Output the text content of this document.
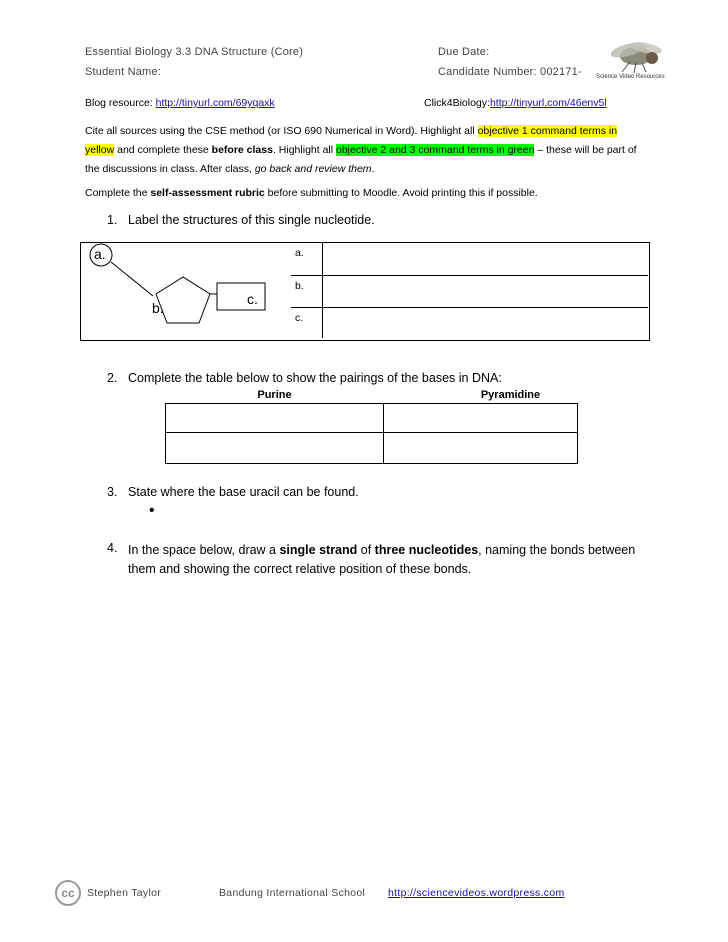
Essential Biology 3.3 DNA Structure (Core)
Student Name:
Due Date:
Candidate Number: 002171- Science Video Resources
Blog resource: http://tinyurl.com/69yqaxk	Click4Biology:http://tinyurl.com/46env5l
Cite all sources using the CSE method (or ISO 690 Numerical in Word). Highlight all objective 1 command terms in yellow and complete these before class. Highlight all objective 2 and 3 command terms in green – these will be part of the discussions in class. After class, go back and review them.
Complete the self-assessment rubric before submitting to Moodle. Avoid printing this if possible.
1. Label the structures of this single nucleotide.
a.
b.
c.
a.	
b.	
c.	
2. Complete the table below to show the pairings of the bases in DNA:
Purine	Pyramidine

3. State where the base uracil can be found.
•
4. In the space below, draw a single strand of three nucleotides, naming the bonds between them and showing the correct relative position of these bonds.
cc	Stephen Taylor	Bandung International School http://sciencevideos.wordpress.com
